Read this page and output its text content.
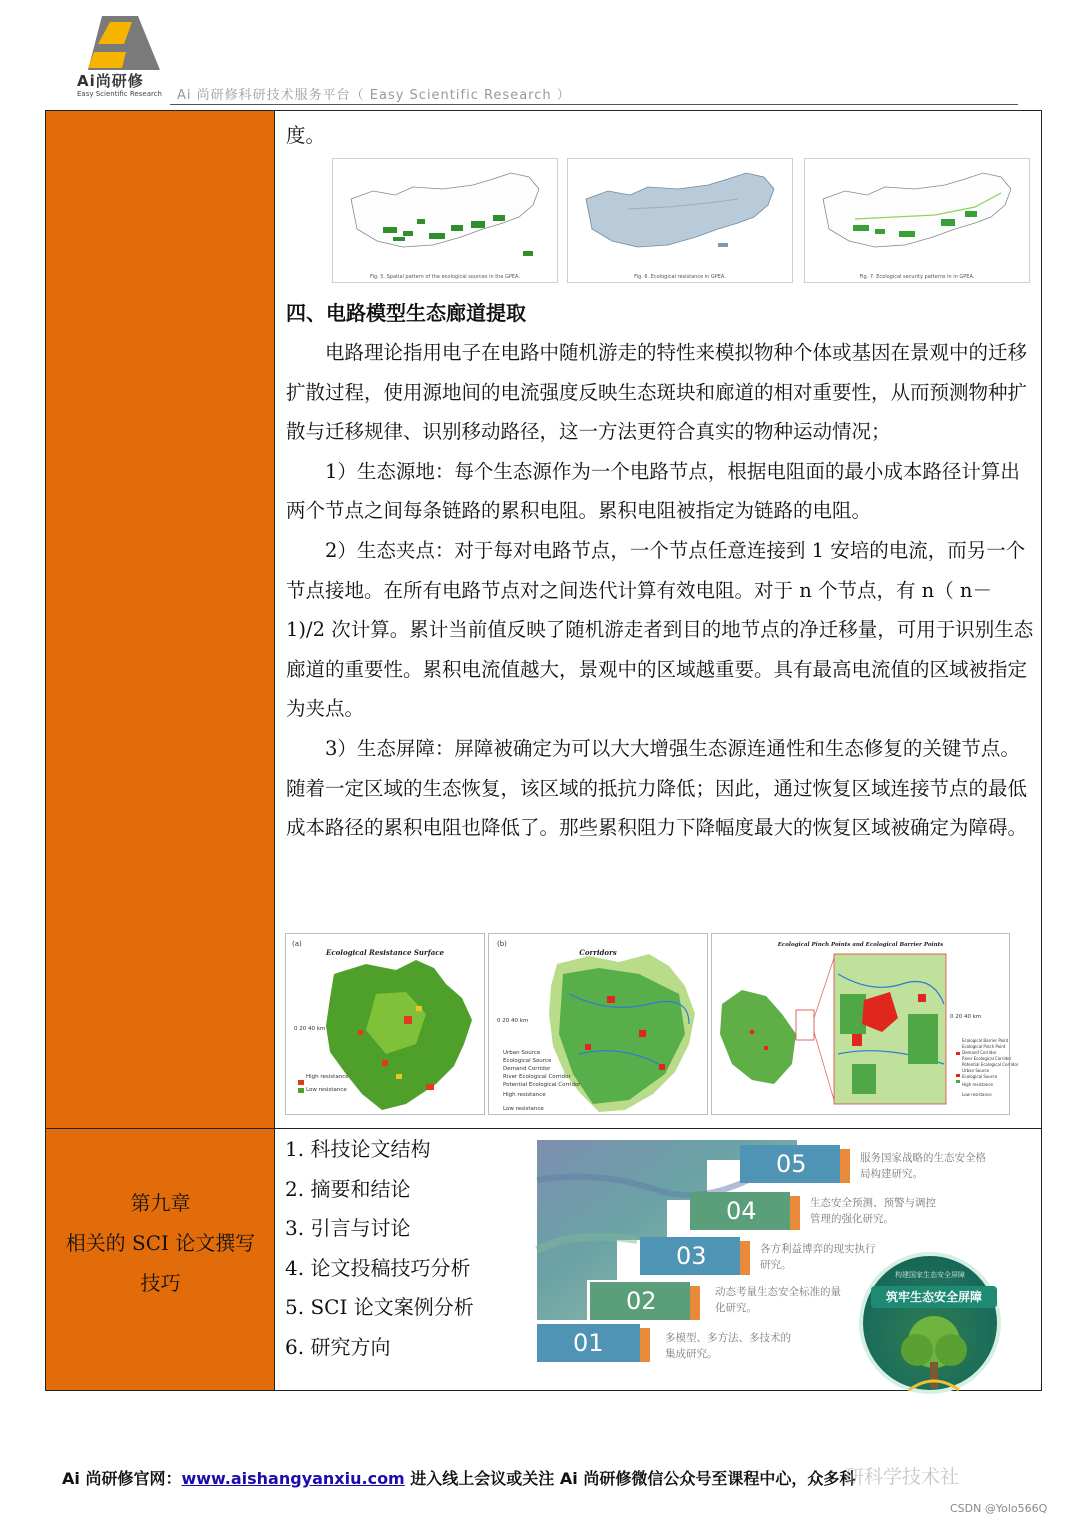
Ai尚研修
Easy Scientific Research Ai 尚研修科研技术服务平台（ Easy Scientific Research ）
第九章
相关的 SCI 论文撰写
技巧
度。
四、电路模型生态廊道提取
电路理论指用电子在电路中随机游走的特性来模拟物种个体或基因在景观中的迁移扩散过程，使用源地间的电流强度反映生态斑块和廊道的相对重要性，从而预测物种扩散与迁移规律、识别移动路径，这一方法更符合真实的物种运动情况；
1）生态源地：每个生态源作为一个电路节点，根据电阻面的最小成本路径计算出两个节点之间每条链路的累积电阻。累积电阻被指定为链路的电阻。
2）生态夹点：对于每对电路节点，一个节点任意连接到 1 安培的电流，而另一个节点接地。在所有电路节点对之间迭代计算有效电阻。对于 n 个节点，有 n（ n－ 1)/2 次计算。累计当前值反映了随机游走者到目的地节点的净迁移量，可用于识别生态廊道的重要性。累积电流值越大，景观中的区域越重要。具有最高电流值的区域被指定为夹点。
3）生态屏障：屏障被确定为可以大大增强生态源连通性和生态修复的关键节点。随着一定区域的生态恢复，该区域的抵抗力降低；因此，通过恢复区域连接节点的最低成本路径的累积电阻也降低了。那些累积阻力下降幅度最大的恢复区域被确定为障碍。
Fig. 5. Spatial pattern of the ecological sources in the GPEA.	Fig. 6. Ecological resistance in GPEA.	Fig. 7. Ecological security patterns in in GPEA.
(a)
Ecological Resistance Surface
0 20 40 km
High resistance
Low resistance
(b)
Corridors
0 20 40 km
Urban Source
Ecological Source
Demand Corridor
River Ecological Corridor
Potential Ecological Corridor
High resistance
Low resistance
Ecological Pinch Points and Ecological Barrier Points
0 20 40 km
Ecological Barrier Point
Ecological Pinch Point
Demand Corridor
River Ecological Corridor
Potential Ecological Corridor
Urban Source
Ecological Source
High resistance
Low resistance
1. 科技论文结构
2. 摘要和结论
3. 引言与讨论
4. 论文投稿技巧分析
5. SCI 论文案例分析
6. 研究方向
05	服务国家战略的生态安全格局构建研究。
04	生态安全预测、预警与调控管理的强化研究。
03	各方利益博弈的现实执行研究。
02	动态考量生态安全标准的量化研究。
01	多模型、多方法、多技术的集成研究。
构建国家生态安全屏障
筑牢生态安全屏障
Ai 尚研修官网：www.aishangyanxiu.com 进入线上会议或关注 Ai 尚研修微信公众号至课程中心，众多科
研科学技术社
CSDN @Yolo566Q
